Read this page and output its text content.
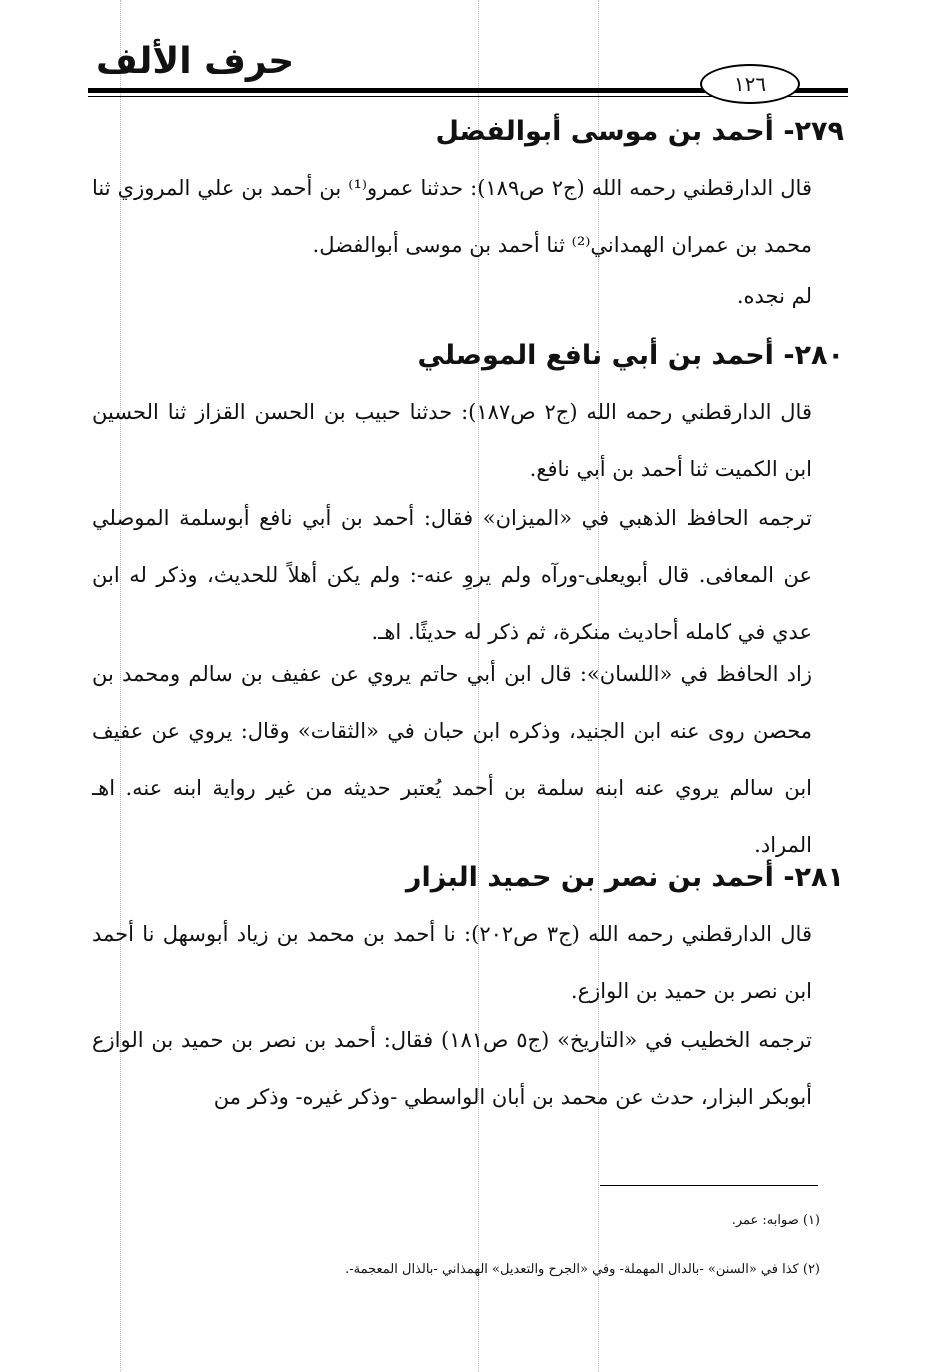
حرف الألف
١٢٦
٢٧٩- أحمد بن موسى أبوالفضل
قال الدارقطني رحمه الله (ج٢ ص١٨٩): حدثنا عمرو⁽¹⁾ بن أحمد بن علي المروزي ثنا محمد بن عمران الهمداني⁽²⁾ ثنا أحمد بن موسى أبوالفضل.
لم نجده.
٢٨٠- أحمد بن أبي نافع الموصلي
قال الدارقطني رحمه الله (ج٢ ص١٨٧): حدثنا حبيب بن الحسن القزاز ثنا الحسين ابن الكميت ثنا أحمد بن أبي نافع.
ترجمه الحافظ الذهبي في «الميزان» فقال: أحمد بن أبي نافع أبوسلمة الموصلي عن المعافى. قال أبويعلى-ورآه ولم يروِ عنه-: ولم يكن أهلاً للحديث، وذكر له ابن عدي في كامله أحاديث منكرة، ثم ذكر له حديثًا. اهـ.
زاد الحافظ في «اللسان»: قال ابن أبي حاتم يروي عن عفيف بن سالم ومحمد بن محصن روى عنه ابن الجنيد، وذكره ابن حبان في «الثقات» وقال: يروي عن عفيف ابن سالم يروي عنه ابنه سلمة بن أحمد يُعتبر حديثه من غير رواية ابنه عنه. اهـ المراد.
٢٨١- أحمد بن نصر بن حميد البزار
قال الدارقطني رحمه الله (ج٣ ص٢٠٢): نا أحمد بن محمد بن زياد أبوسهل نا أحمد ابن نصر بن حميد بن الوازع.
ترجمه الخطيب في «التاريخ» (ج٥ ص١٨١) فقال: أحمد بن نصر بن حميد بن الوازع أبوبكر البزار، حدث عن محمد بن أبان الواسطي -وذكر غيره- وذكر من
(١) صوابه: عمر.
(٢) كذا في «السنن» -بالدال المهملة- وفي «الجرح والتعديل» الهمذاني -بالذال المعجمة-.
